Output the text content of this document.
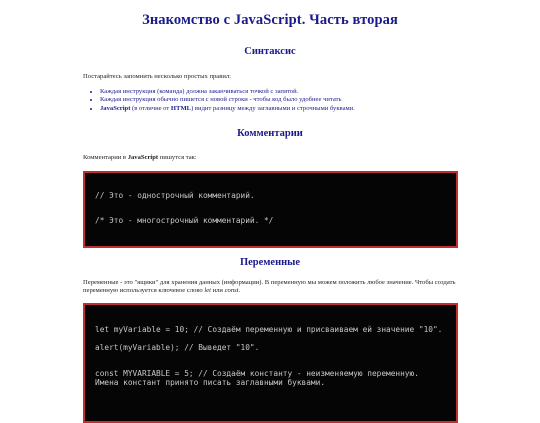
Знакомство с JavaScript. Часть вторая
Синтаксис

Постарайтесь запомнить несколько простых правил:

• Каждая инструкция (команда) должна заканчиваться точкой с запятой.
• Каждая инструкция обычно пишется с новой строки - чтобы код было удобнее читать
• JavaScript (в отличие от HTML) видит разницу между заглавными и строчными буквами.
Комментарии

Комментарии в JavaScript пишутся так:

// Это - однострочный комментарий.
/* Это - многострочный комментарий. */
Переменные

Переменные - это "ящики" для хранения данных (информации). В переменную мы можем положить любое значение. Чтобы создать переменную используется ключевое слово let или const.

let myVariable = 10; // Создаём переменную и присваиваем ей значение "10".
alert(myVariable); // Выведет "10".
const MYVARIABLE = 5; // Создаём константу - неизменяемую переменную. Имена констант принято писать заглавными буквами.
